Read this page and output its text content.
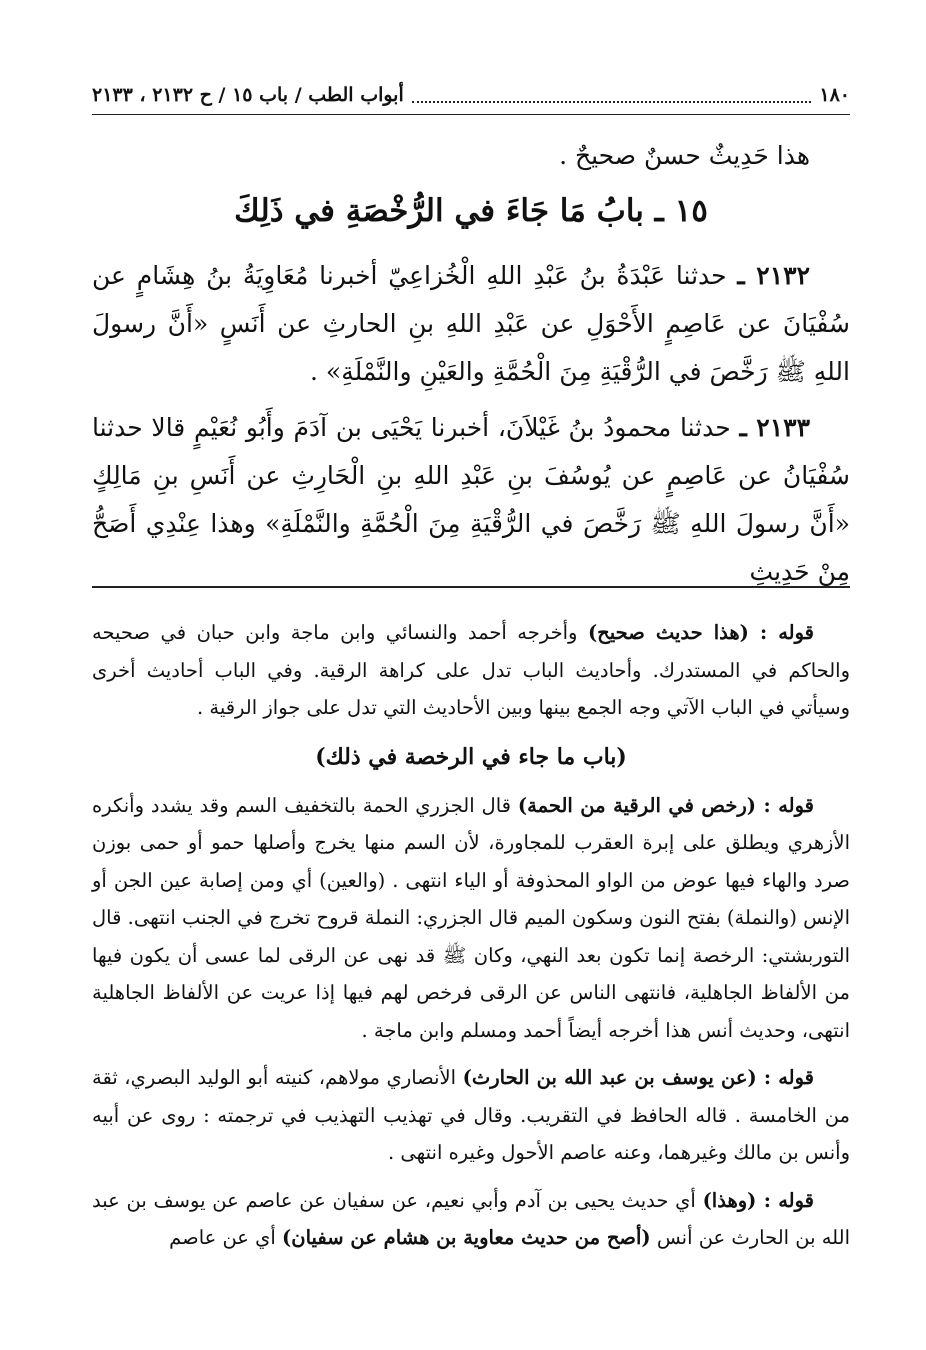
١٨٠
أبواب الطب / باب ١٥ / ح ٢١٣٢ ، ٢١٣٣
هذا حَدِيثٌ حسنٌ صحيحٌ .
١٥ ـ بابُ مَا جَاءَ في الرُّخْصَةِ في ذَلِكَ

٢١٣٢ ـ حدثنا عَبْدَةُ بنُ عَبْدِ اللهِ الْخُزاعِيّ أخبرنا مُعَاوِيَةُ بنُ هِشَامٍ عن سُفْيَانَ عن عَاصِمٍ الأَحْوَلِ عن عَبْدِ اللهِ بنِ الحارثِ عن أَنَسٍ «أَنَّ رسولَ اللهِ ﷺ رَخَّصَ في الرُّقْيَةِ مِنَ الْحُمَّةِ والعَيْنِ والنَّمْلَةِ» .

٢١٣٣ ـ حدثنا محمودُ بنُ غَيْلاَنَ، أخبرنا يَحْيَى بن آدَمَ وأَبُو نُعَيْمٍ قالا حدثنا سُفْيَانُ عن عَاصِمٍ عن يُوسُفَ بنِ عَبْدِ اللهِ بنِ الْحَارِثِ عن أَنَسِ بنِ مَالِكٍ «أَنَّ رسولَ اللهِ ﷺ رَخَّصَ في الرُّقْيَةِ مِنَ الْحُمَّةِ والنَّمْلَةِ» وهذا عِنْدِي أَصَحُّ مِنْ حَدِيثِ

قوله : (هذا حديث صحيح) وأخرجه أحمد والنسائي وابن ماجة وابن حبان في صحيحه والحاكم في المستدرك. وأحاديث الباب تدل على كراهة الرقية. وفي الباب أحاديث أخرى وسيأتي في الباب الآتي وجه الجمع بينها وبين الأحاديث التي تدل على جواز الرقية .

(باب ما جاء في الرخصة في ذلك)

قوله : (رخص في الرقية من الحمة) قال الجزري الحمة بالتخفيف السم وقد يشدد وأنكره الأزهري ويطلق على إبرة العقرب للمجاورة، لأن السم منها يخرج وأصلها حمو أو حمى بوزن صرد والهاء فيها عوض من الواو المحذوفة أو الياء انتهى . (والعين) أي ومن إصابة عين الجن أو الإنس (والنملة) بفتح النون وسكون الميم قال الجزري: النملة قروح تخرج في الجنب انتهى. قال التوربشتي: الرخصة إنما تكون بعد النهي، وكان ﷺ قد نهى عن الرقى لما عسى أن يكون فيها من الألفاظ الجاهلية، فانتهى الناس عن الرقى فرخص لهم فيها إذا عريت عن الألفاظ الجاهلية انتهى، وحديث أنس هذا أخرجه أيضاً أحمد ومسلم وابن ماجة .

قوله : (عن يوسف بن عبد الله بن الحارث) الأنصاري مولاهم، كنيته أبو الوليد البصري، ثقة من الخامسة . قاله الحافظ في التقريب. وقال في تهذيب التهذيب في ترجمته : روى عن أبيه وأنس بن مالك وغيرهما، وعنه عاصم الأحول وغيره انتهى .

قوله : (وهذا) أي حديث يحيى بن آدم وأبي نعيم، عن سفيان عن عاصم عن يوسف بن عبد الله بن الحارث عن أنس (أصح من حديث معاوية بن هشام عن سفيان) أي عن عاصم
